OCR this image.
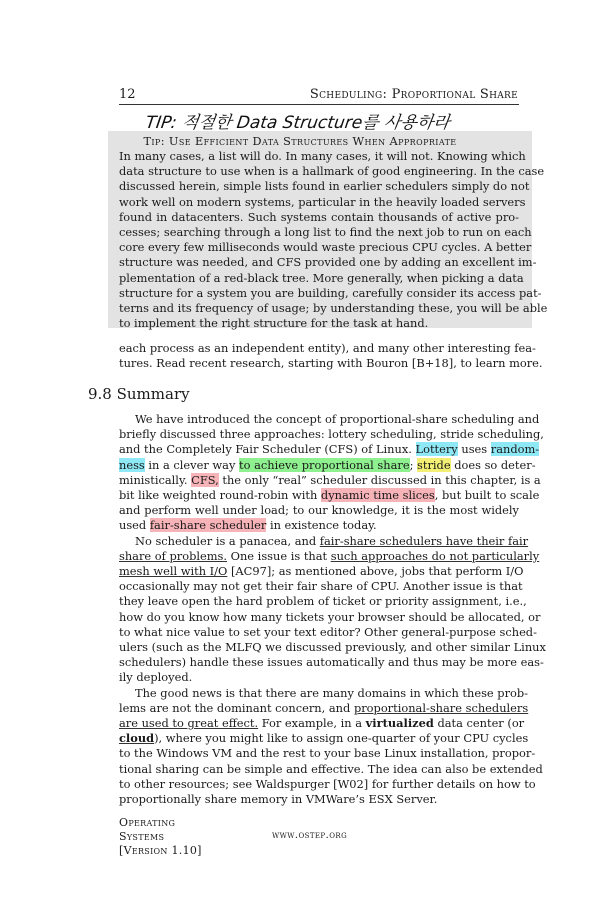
12	Scheduling: Proportional Share
TIP: 적절한 Data Structure를 사용하라
Tip: Use Efficient Data Structures When Appropriate
In many cases, a list will do. In many cases, it will not. Knowing which
data structure to use when is a hallmark of good engineering. In the case
discussed herein, simple lists found in earlier schedulers simply do not
work well on modern systems, particular in the heavily loaded servers
found in datacenters. Such systems contain thousands of active pro-
cesses; searching through a long list to find the next job to run on each
core every few milliseconds would waste precious CPU cycles. A better
structure was needed, and CFS provided one by adding an excellent im-
plementation of a red-black tree. More generally, when picking a data
structure for a system you are building, carefully consider its access pat-
terns and its frequency of usage; by understanding these, you will be able
to implement the right structure for the task at hand.
each process as an independent entity), and many other interesting fea-
tures. Read recent research, starting with Bouron [B+18], to learn more.
9.8 Summary
We have introduced the concept of proportional-share scheduling and
briefly discussed three approaches: lottery scheduling, stride scheduling,
and the Completely Fair Scheduler (CFS) of Linux. Lottery uses random-
ness in a clever way to achieve proportional share; stride does so deter-
ministically. CFS, the only “real” scheduler discussed in this chapter, is a
bit like weighted round-robin with dynamic time slices, but built to scale
and perform well under load; to our knowledge, it is the most widely
used fair-share scheduler in existence today.
No scheduler is a panacea, and fair-share schedulers have their fair
share of problems. One issue is that such approaches do not particularly
mesh well with I/O [AC97]; as mentioned above, jobs that perform I/O
occasionally may not get their fair share of CPU. Another issue is that
they leave open the hard problem of ticket or priority assignment, i.e.,
how do you know how many tickets your browser should be allocated, or
to what nice value to set your text editor? Other general-purpose sched-
ulers (such as the MLFQ we discussed previously, and other similar Linux
schedulers) handle these issues automatically and thus may be more eas-
ily deployed.
The good news is that there are many domains in which these prob-
lems are not the dominant concern, and proportional-share schedulers
are used to great effect. For example, in a virtualized data center (or
cloud), where you might like to assign one-quarter of your CPU cycles
to the Windows VM and the rest to your base Linux installation, propor-
tional sharing can be simple and effective. The idea can also be extended
to other resources; see Waldspurger [W02] for further details on how to
proportionally share memory in VMWare’s ESX Server.
Operating
Systems
[Version 1.10]
www.ostep.org
